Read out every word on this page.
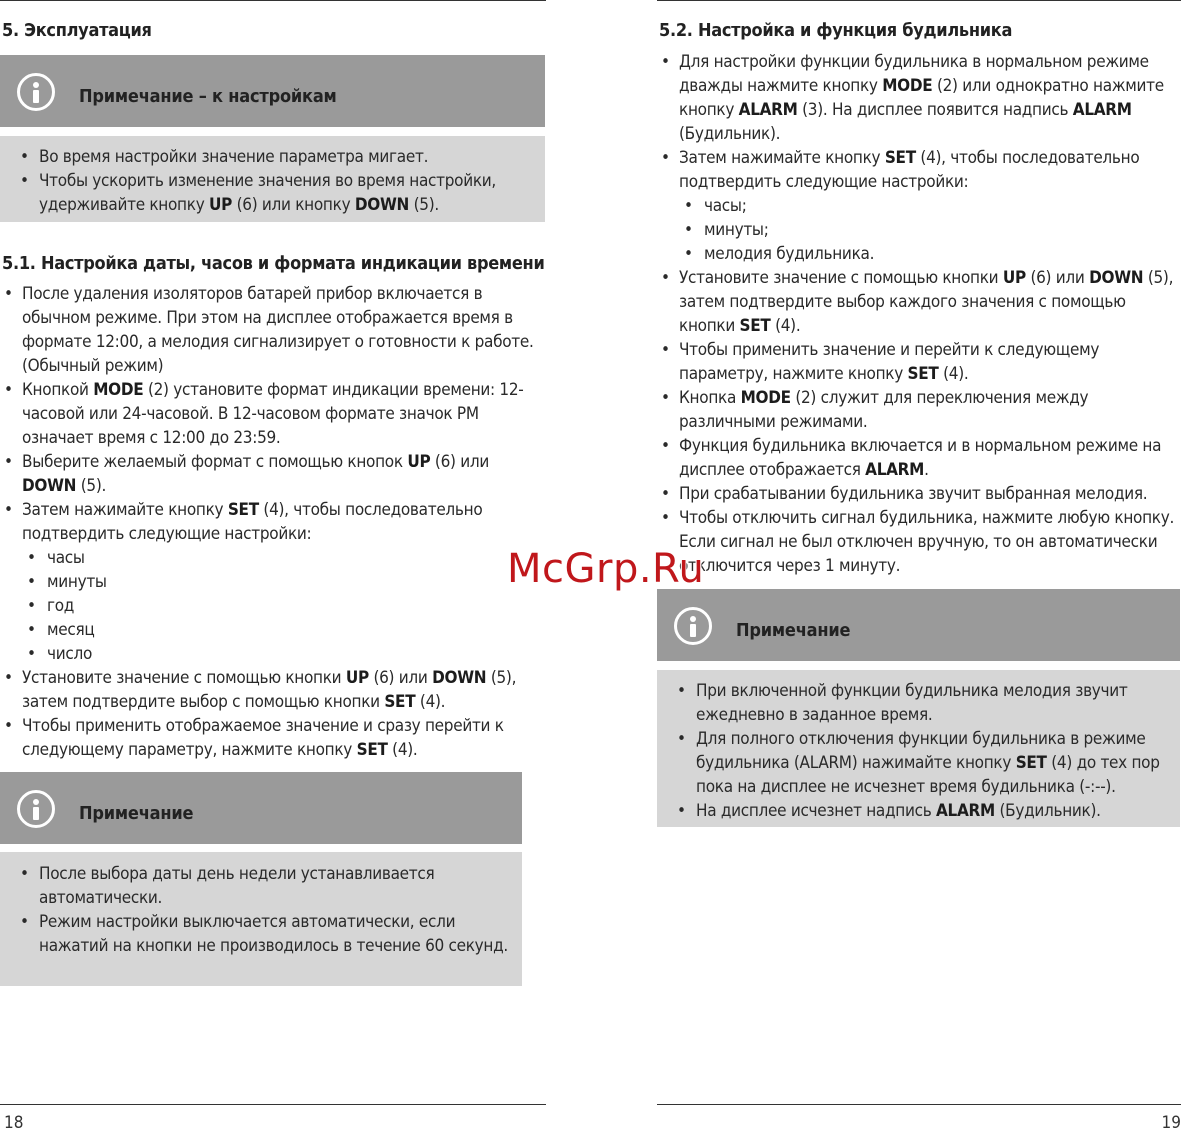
5. Эксплуатация
Примечание – к настройкам
• Во время настройки значение параметра мигает.
• Чтобы ускорить изменение значения во время настройки, удерживайте кнопку UP (6) или кнопку DOWN (5).
5.1. Настройка даты, часов и формата индикации времени
• После удаления изоляторов батарей прибор включается в обычном режиме. При этом на дисплее отображается время в формате 12:00, а мелодия сигнализирует о готовности к работе. (Обычный режим)
• Кнопкой MODE (2) установите формат индикации времени: 12-часовой или 24-часовой. В 12-часовом формате значок PM означает время с 12:00 до 23:59.
• Выберите желаемый формат с помощью кнопок UP (6) или DOWN (5).
• Затем нажимайте кнопку SET (4), чтобы последовательно подтвердить следующие настройки:
• часы
• минуты
• год
• месяц
• число
• Установите значение с помощью кнопки UP (6) или DOWN (5), затем подтвердите выбор с помощью кнопки SET (4).
• Чтобы применить отображаемое значение и сразу перейти к следующему параметру, нажмите кнопку SET (4).
Примечание
• После выбора даты день недели устанавливается автоматически.
• Режим настройки выключается автоматически, если нажатий на кнопки не производилось в течение 60 секунд.
18
5.2. Настройка и функция будильника
• Для настройки функции будильника в нормальном режиме дважды нажмите кнопку MODE (2) или однократно нажмите кнопку ALARM (3). На дисплее появится надпись ALARM (Будильник).
• Затем нажимайте кнопку SET (4), чтобы последовательно подтвердить следующие настройки:
• часы;
• минуты;
• мелодия будильника.
• Установите значение с помощью кнопки UP (6) или DOWN (5), затем подтвердите выбор каждого значения с помощью кнопки SET (4).
• Чтобы применить значение и перейти к следующему параметру, нажмите кнопку SET (4).
• Кнопка MODE (2) служит для переключения между различными режимами.
• Функция будильника включается и в нормальном режиме на дисплее отображается ALARM.
• При срабатывании будильника звучит выбранная мелодия.
• Чтобы отключить сигнал будильника, нажмите любую кнопку. Если сигнал не был отключен вручную, то он автоматически отключится через 1 минуту.
Примечание
• При включенной функции будильника мелодия звучит ежедневно в заданное время.
• Для полного отключения функции будильника в режиме будильника (ALARM) нажимайте кнопку SET (4) до тех пор пока на дисплее не исчезнет время будильника (-:--).
• На дисплее исчезнет надпись ALARM (Будильник).
19
McGrp.Ru
